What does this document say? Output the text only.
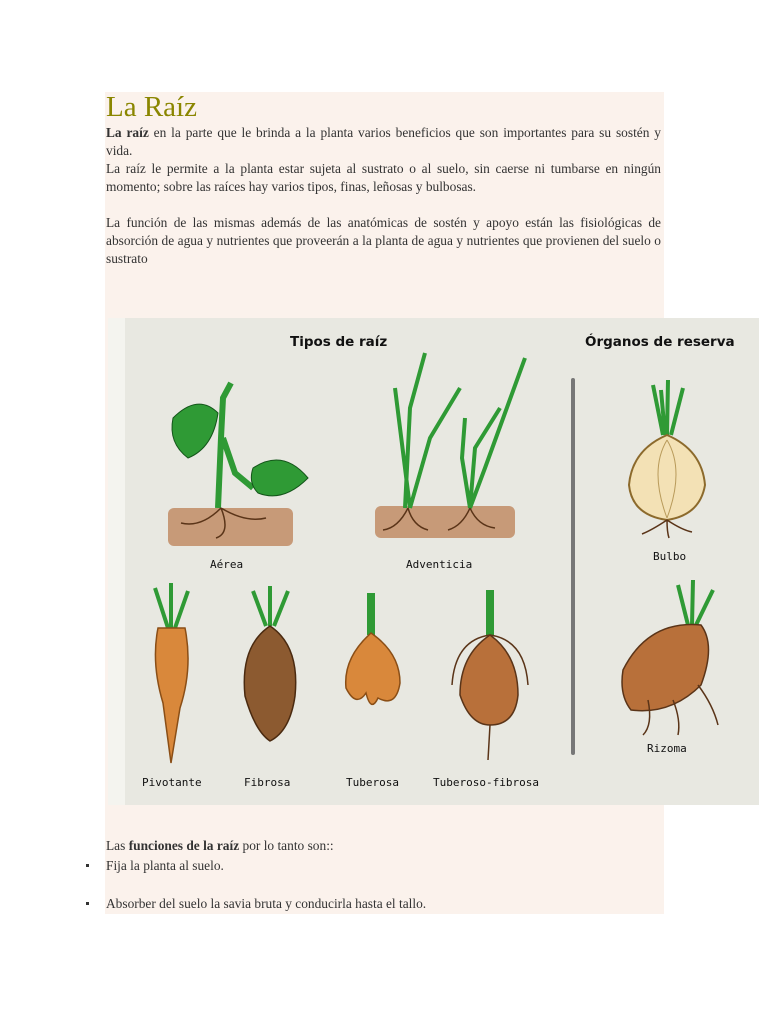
La Raíz

La raíz en la parte que le brinda a la planta varios beneficios que son importantes para su sostén y vida.
La raíz le permite a la planta estar sujeta al sustrato o al suelo, sin caerse ni tumbarse en ningún momento; sobre las raíces hay varios tipos, finas, leñosas y bulbosas.

La función de las mismas además de las anatómicas de sostén y apoyo están las fisiológicas de absorción de agua y nutrientes que proveerán a la planta de agua y nutrientes que provienen del suelo o sustrato

Tipos de raíz	Órganos de reserva
Aérea	Adventicia
Bulbo
Pivotante	Fibrosa	Tuberosa	Tuberoso-fibrosa
Rizoma
Las funciones de la raíz por lo tanto son::
Fija la planta al suelo.
Absorber del suelo la savia bruta y conducirla hasta el tallo.
